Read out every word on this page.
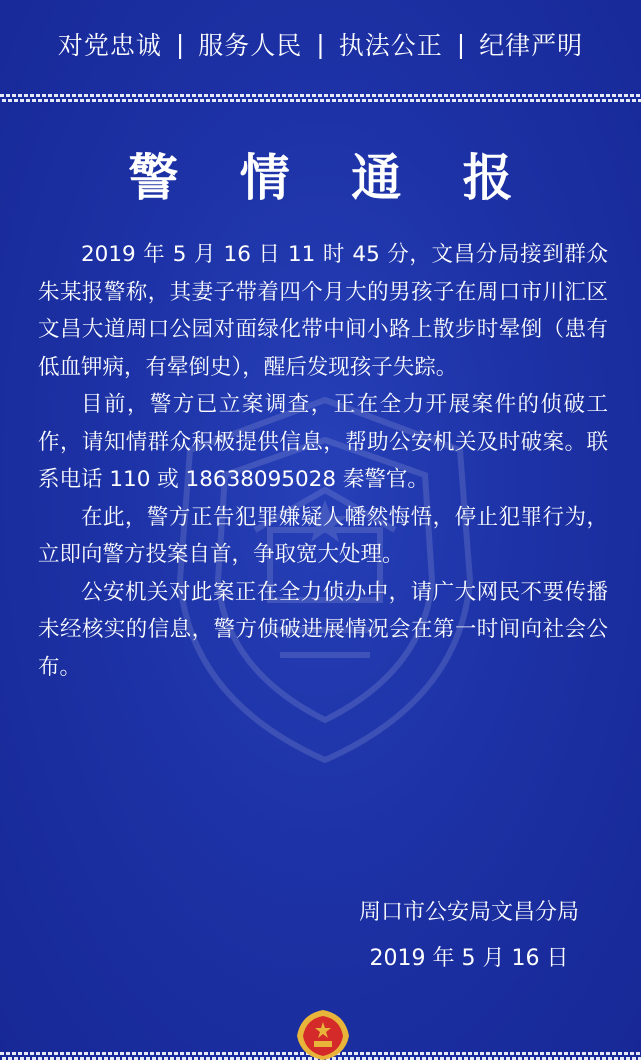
对党忠诚 | 服务人民 | 执法公正 | 纪律严明
警 情 通 报

2019 年 5 月 16 日 11 时 45 分，文昌分局接到群众朱某报警称，其妻子带着四个月大的男孩子在周口市川汇区文昌大道周口公园对面绿化带中间小路上散步时晕倒（患有低血钾病，有晕倒史），醒后发现孩子失踪。

目前，警方已立案调查，正在全力开展案件的侦破工作，请知情群众积极提供信息，帮助公安机关及时破案。联系电话 110 或 18638095028 秦警官。

在此，警方正告犯罪嫌疑人幡然悔悟，停止犯罪行为，立即向警方投案自首，争取宽大处理。

公安机关对此案正在全力侦办中，请广大网民不要传播未经核实的信息，警方侦破进展情况会在第一时间向社会公布。

周口市公安局文昌分局
2019 年 5 月 16 日
